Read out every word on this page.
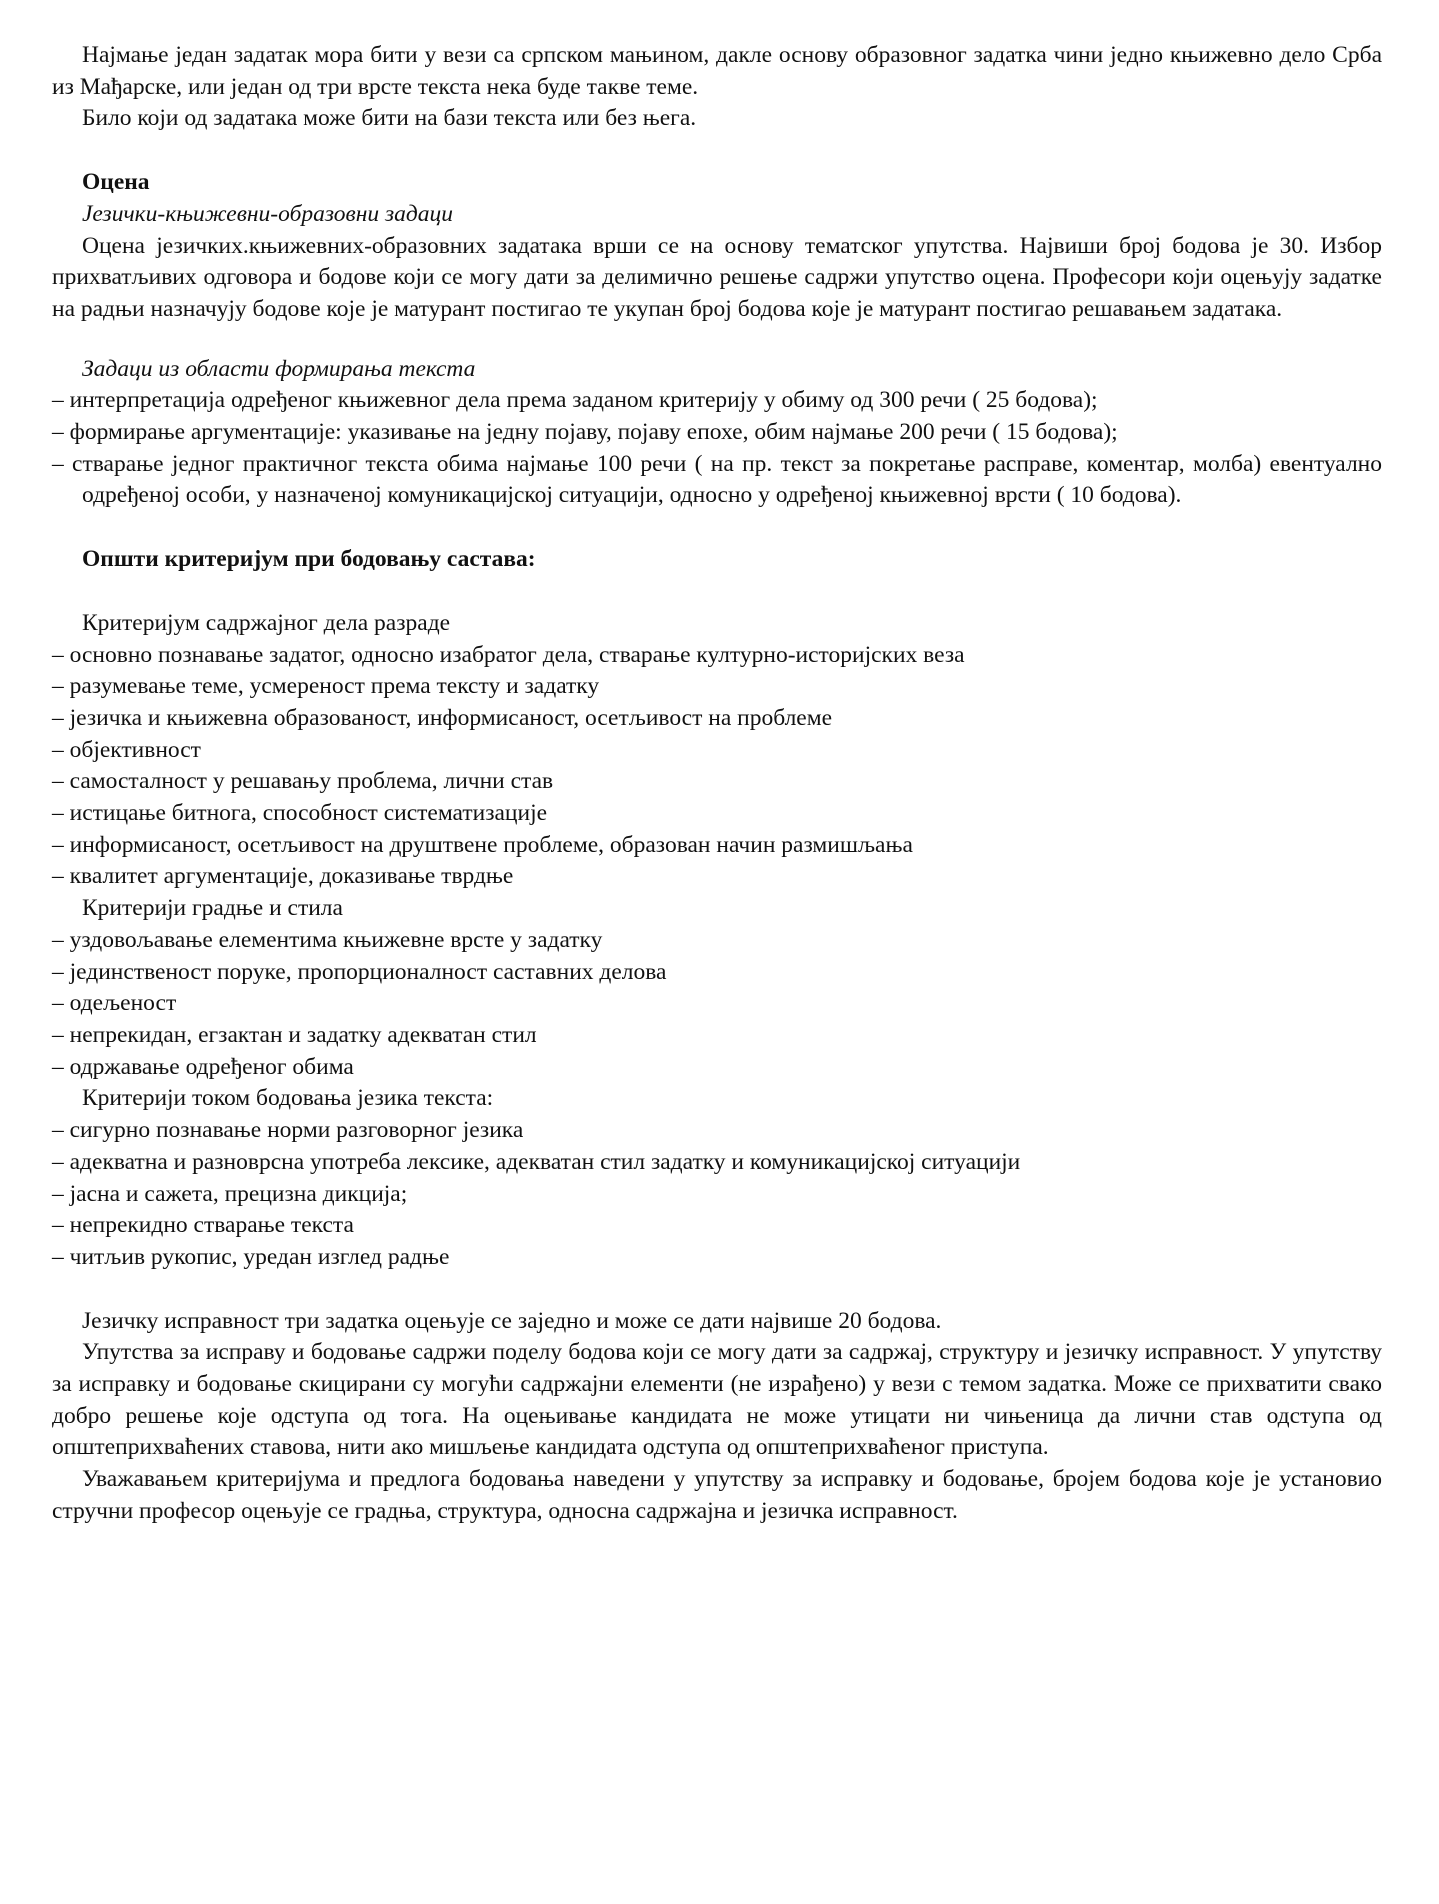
Најмање један задатак мора бити у вези са српском мањином, дакле основу образовног задатка чини једно књижевно дело Срба из Мађарске, или један од три врсте текста нека буде такве теме.

Било који од задатака може бити на бази текста или без њега.

Оцена

Језички-књижевни-образовни задаци

Оцена језичких.књижевних-образовних задатака врши се на основу тематског упутства. Највиши број бодова је 30. Избор прихватљивих одговора и бодове који се могу дати за делимично решење садржи упутство оцена. Професори који оцењују задатке на радњи назначују бодове које је матурант постигао те укупан број бодова које је матурант постигао решавањем задатака.

Задаци из области формирања текста

– интерпретација одређеног књижевног дела према заданом критерију у обиму од 300 речи ( 25 бодова);
– формирање аргументације: указивање на једну појаву, појаву епохе, обим најмање 200 речи ( 15 бодова);
– стварање једног практичног текста обима најмање 100 речи ( на пр. текст за покретање расправе, коментар, молба) евентуално одређеној особи, у назначеној комуникацијској ситуацији, односно у одређеној књижевној врсти ( 10 бодова).

Општи критеријум при бодовању састава:

Критеријум садржајног дела разраде

– основно познавање задатог, односно изабратог дела, стварање културно-историјских веза
– разумевање теме, усмереност према тексту и задатку
– језичка и књижевна образованост, информисаност, осетљивост на проблеме
– објективност
– самосталност у решавању проблема, лични став
– истицање битнога, способност систематизације
– информисаност, осетљивост на друштвене проблеме, образован начин размишљања
– квалитет аргументације, доказивање тврдње

Критерији градње и стила

– уздовољавање елементима књижевне врсте у задатку
– јединственост поруке, пропорционалност саставних делова
– одељеност
– непрекидан, егзактан и задатку адекватан стил
– одржавање одређеног обима

Критерији током бодовања језика текста:

– сигурно познавање норми разговорног језика
– адекватна и разноврсна употреба лексике, адекватан стил задатку и комуникацијској ситуацији
– јасна и сажета, прецизна дикција;
– непрекидно стварање текста
– читљив рукопис, уредан изглед радње

Језичку исправност три задатка оцењује се заједно и може се дати највише 20 бодова.

Упутства за исправу и бодовање садржи поделу бодова који се могу дати за садржај, структуру и језичку исправност. У упутству за исправку и бодовање скицирани су могући садржајни елементи (не израђено) у вези с темом задатка. Може се прихватити свако добро решење које одступа од тога. На оцењивање кандидата не може утицати ни чињеница да лични став одступа од општеприхваћених ставова, нити ако мишљење кандидата одступа од општеприхваћеног приступа.

Уважавањем критеријума и предлога бодовања наведени у упутству за исправку и бодовање, бројем бодова које је установио стручни професор оцењује се градња, структура, односна садржајна и језичка исправност.
